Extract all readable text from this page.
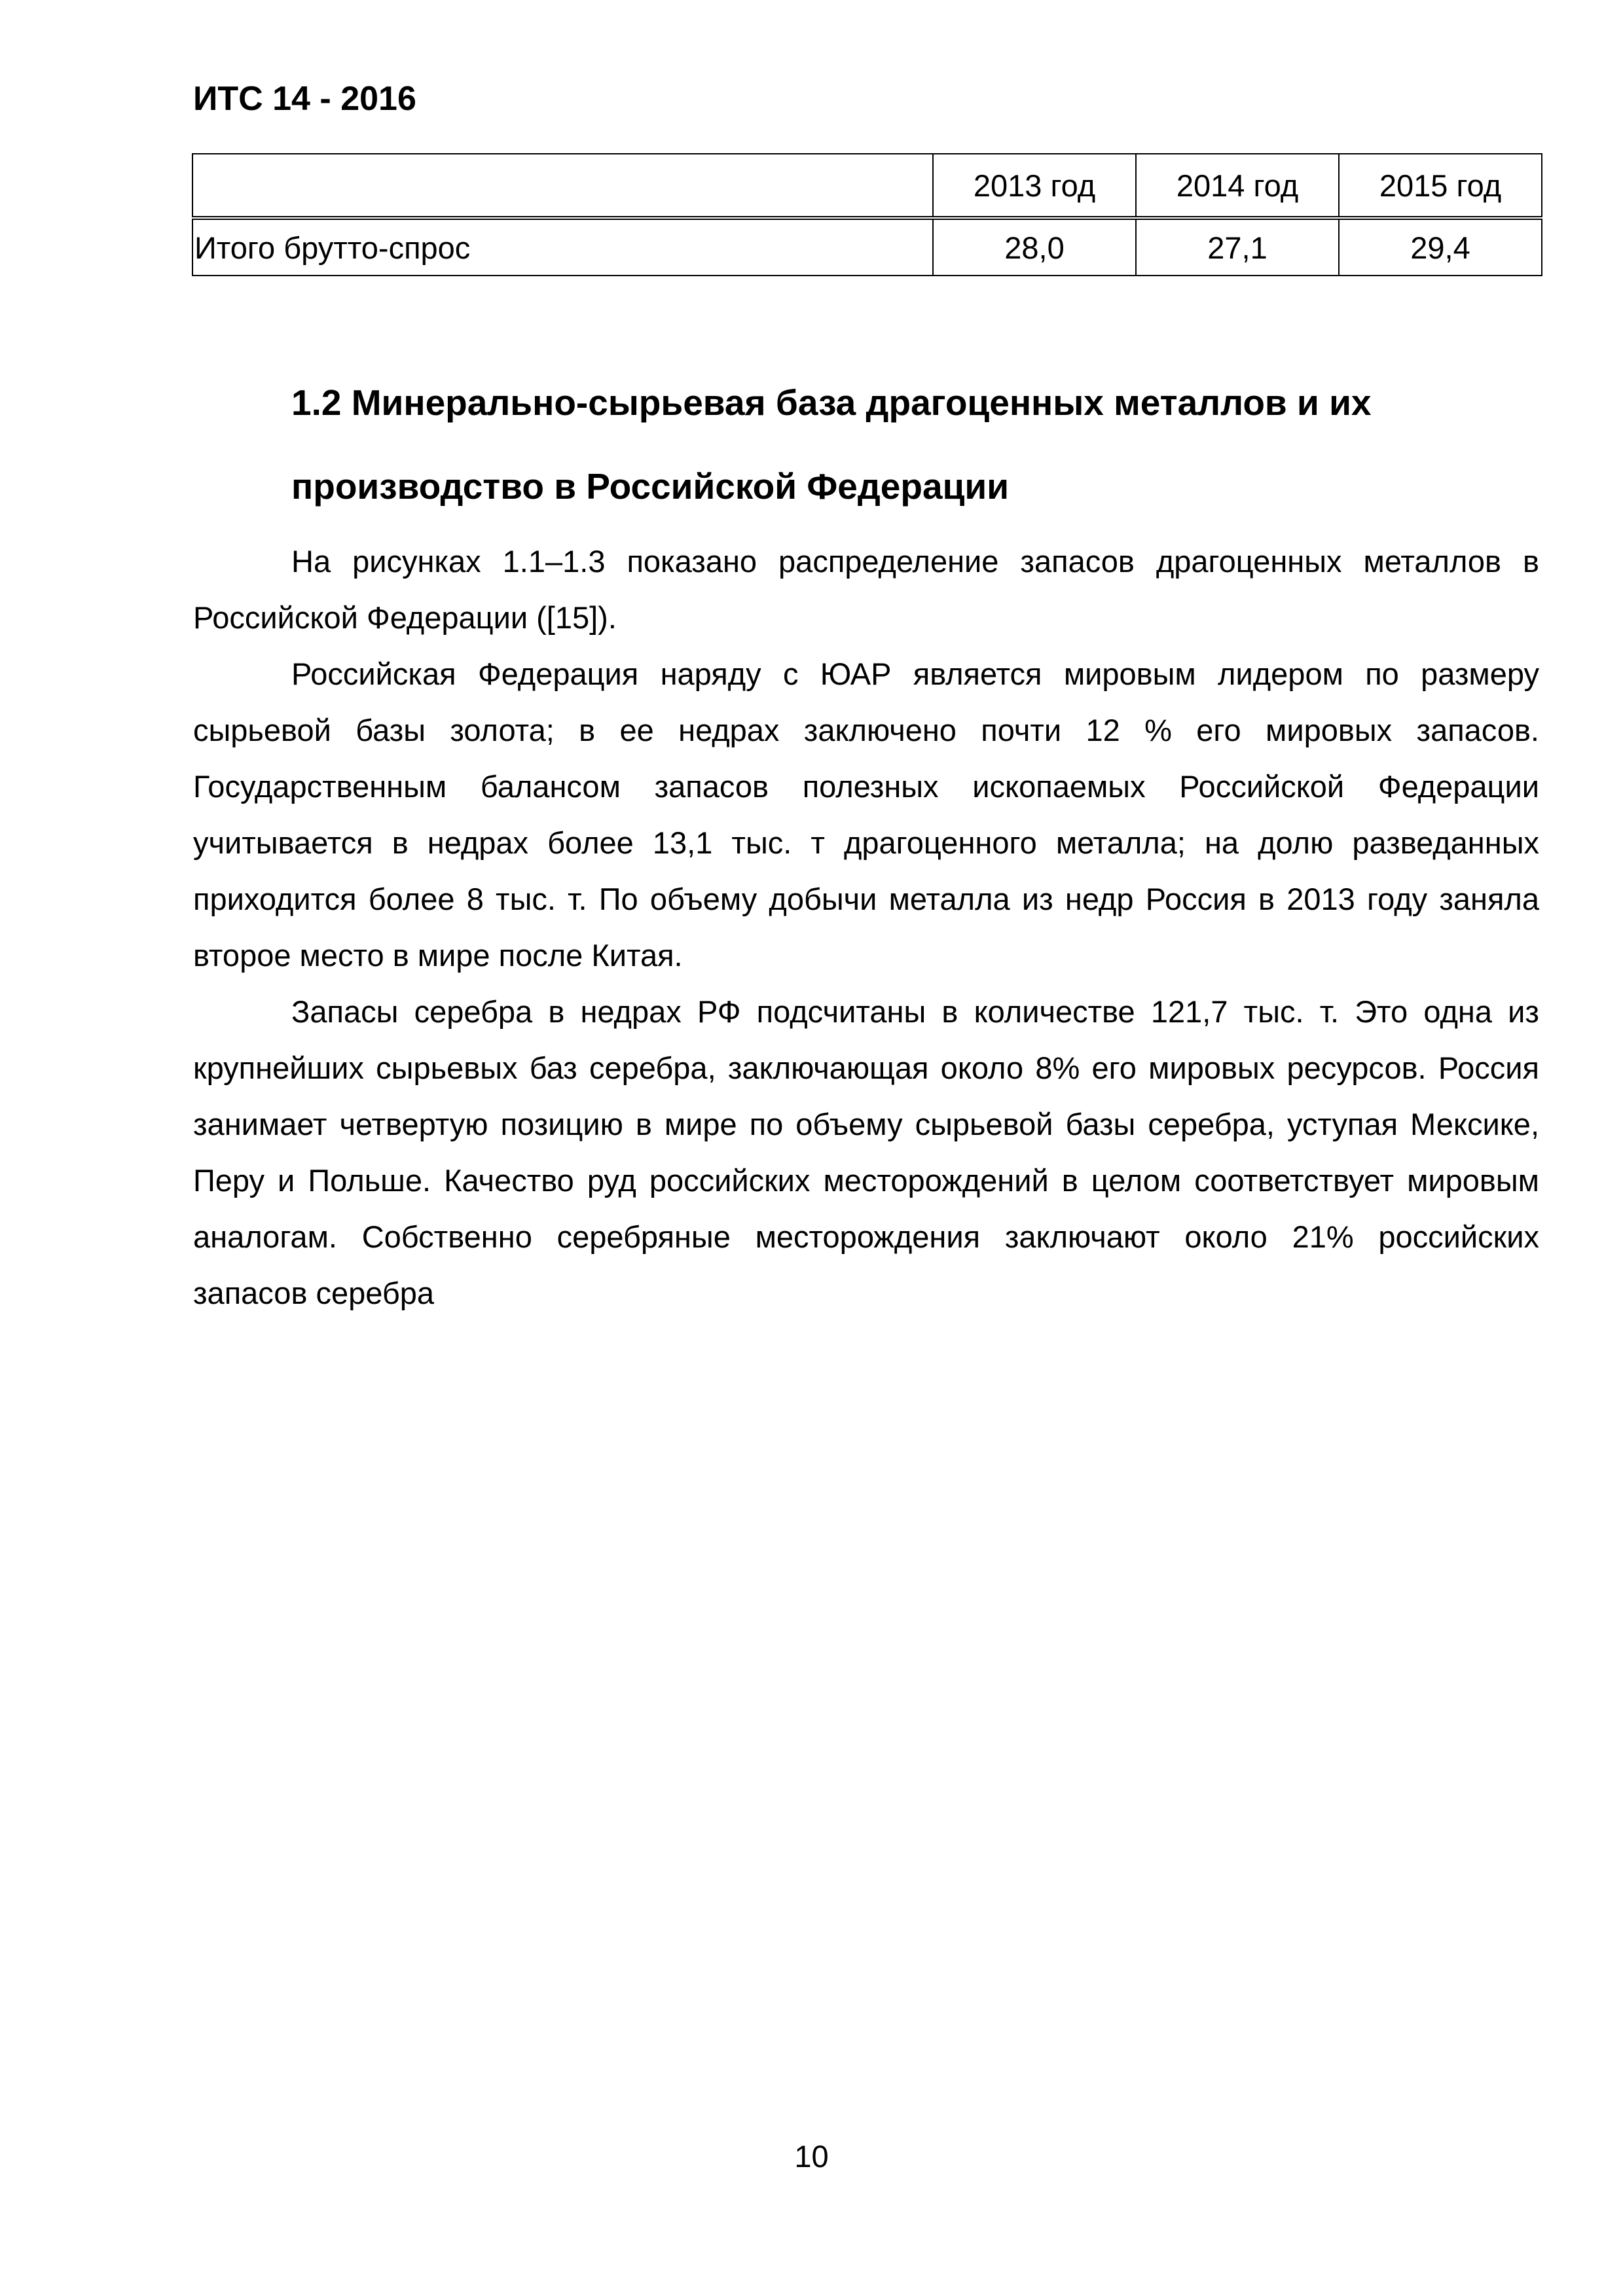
ИТС 14 - 2016
	2013 год	2014 год	2015 год
Итого брутто-спрос	28,0	27,1	29,4
1.2 Минерально-сырьевая база драгоценных металлов и их производство в Российской Федерации

На рисунках 1.1–1.3 показано распределение запасов драгоценных металлов в Российской Федерации ([15]).

Российская Федерация наряду с ЮАР является мировым лидером по размеру сырьевой базы золота; в ее недрах заключено почти 12 % его мировых запасов. Государственным балансом запасов полезных ископаемых Российской Федерации учитывается в недрах более 13,1 тыс. т драгоценного металла; на долю разведанных приходится более 8 тыс. т. По объему добычи металла из недр Россия в 2013 году заняла второе место в мире после Китая.

Запасы серебра в недрах РФ подсчитаны в количестве 121,7 тыс. т. Это одна из крупнейших сырьевых баз серебра, заключающая около 8% его мировых ресурсов. Россия занимает четвертую позицию в мире по объему сырьевой базы серебра, уступая Мексике, Перу и Польше. Качество руд российских месторождений в целом соответствует мировым аналогам. Собственно серебряные месторождения заключают около 21% российских запасов серебра

10
